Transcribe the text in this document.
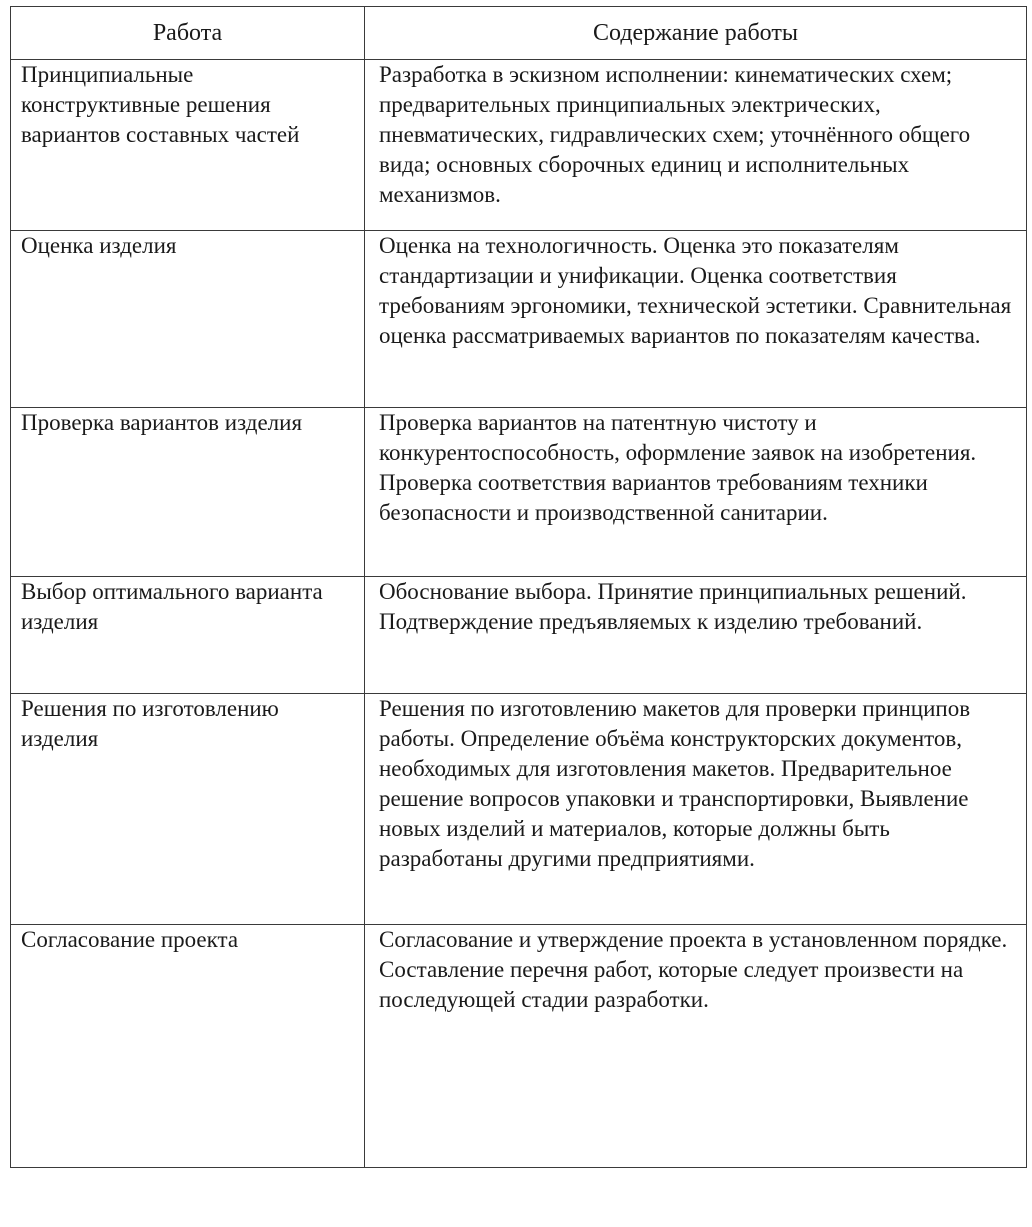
Работа	Содержание работы

Принципиальные конструктивные решения вариантов составных частей	Разработка в эскизном исполнении: кинематических схем; предварительных принципиальных электрических, пневматических, гидравлических схем; уточнённого общего вида; основных сборочных единиц и исполнительных механизмов.

Оценка изделия	Оценка на технологичность. Оценка это показателям стандартизации и унификации. Оценка соответствия требованиям эргономики, технической эстетики. Сравнительная оценка рассматриваемых вариантов по показателям качества.

Проверка вариантов изделия	Проверка вариантов на патентную чистоту и конкурентоспособность, оформление заявок на изобретения. Проверка соответствия вариантов требованиям техники безопасности и производственной санитарии.

Выбор оптимального варианта изделия	Обоснование выбора. Принятие принципиальных решений. Подтверждение предъявляемых к изделию требований.

Решения по изготовлению изделия	Решения по изготовлению макетов для проверки принципов работы. Определение объёма конструкторских документов, необходимых для изготовления макетов. Предварительное решение вопросов упаковки и транспортировки, Выявление новых изделий и материалов, которые должны быть разработаны другими предприятиями.

Согласование проекта	Согласование и утверждение проекта в установленном порядке. Составление перечня работ, которые следует произвести на последующей стадии разработки.
